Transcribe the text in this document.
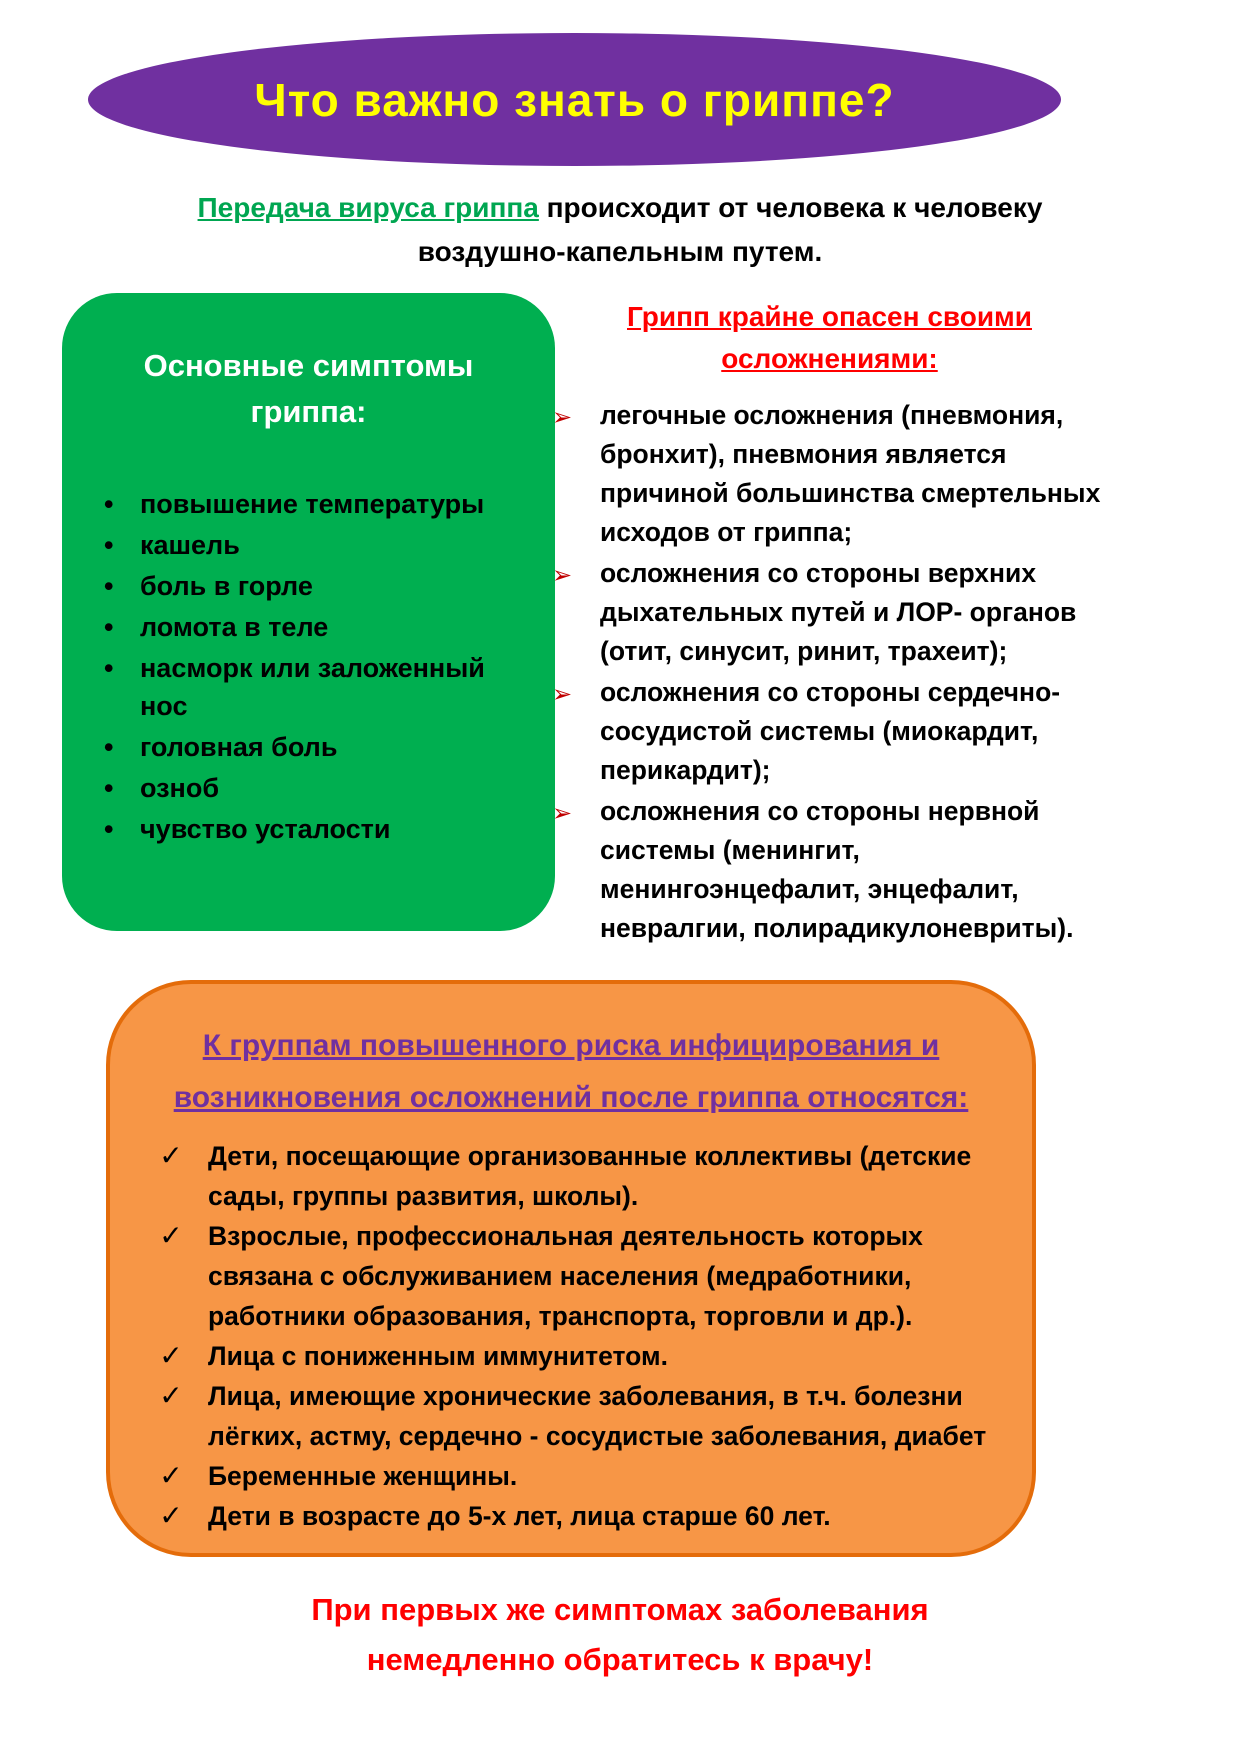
Что важно знать о гриппе?
Передача вируса гриппа происходит от человека к человеку
воздушно-капельным путем.
Основные симптомы гриппа:
• повышение температуры
• кашель
• боль в горле
• ломота в теле
• насморк или заложенный нос
• головная боль
• озноб
• чувство усталости
Грипп крайне опасен своими осложнениями:
➢	легочные осложнения (пневмония, бронхит), пневмония является причиной большинства смертельных исходов от гриппа;
➢	осложнения со стороны верхних дыхательных путей и ЛОР- органов (отит, синусит, ринит, трахеит);
➢	осложнения со стороны сердечно-сосудистой системы (миокардит, перикардит);
➢	осложнения со стороны нервной системы (менингит, менингоэнцефалит, энцефалит, невралгии, полирадикулоневриты).
К группам повышенного риска инфицирования и возникновения осложнений после гриппа относятся:
✓ Дети, посещающие организованные коллективы (детские сады, группы развития, школы).
✓ Взрослые, профессиональная деятельность которых связана с обслуживанием населения (медработники, работники образования, транспорта, торговли и др.).
✓ Лица с пониженным иммунитетом.
✓ Лица, имеющие хронические заболевания, в т.ч. болезни лёгких, астму, сердечно - сосудистые заболевания, диабет
✓ Беременные женщины.
✓ Дети в возрасте до 5-х лет, лица старше 60 лет.
При первых же симптомах заболевания
немедленно обратитесь к врачу!
